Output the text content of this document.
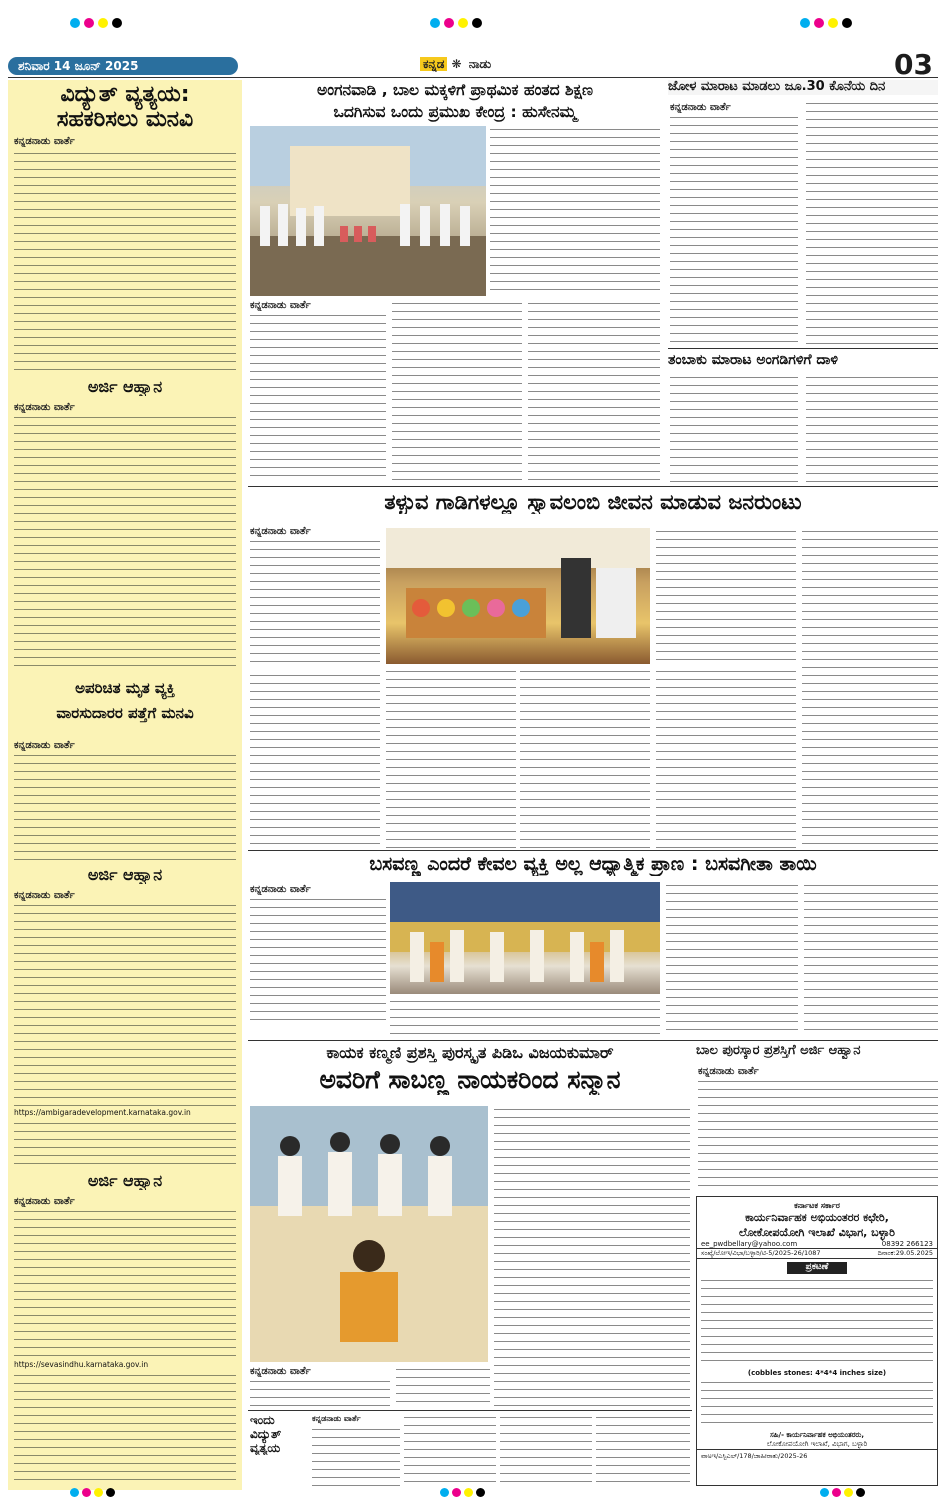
ಶನಿವಾರ 14 ಜೂನ್ 2025	ಕನ್ನಡ ❋ ನಾಡು	03
ವಿದ್ಯುತ್ ವ್ಯತ್ಯಯ:
ಸಹಕರಿಸಲು ಮನವಿ
ಕನ್ನಡನಾಡು ವಾರ್ತೆ
ಅರ್ಜಿ ಆಹ್ವಾನ
ಕನ್ನಡನಾಡು ವಾರ್ತೆ
ಅಪರಿಚಿತ ಮೃತ ವ್ಯಕ್ತಿ
ವಾರಸುದಾರರ ಪತ್ತೆಗೆ ಮನವಿ
ಕನ್ನಡನಾಡು ವಾರ್ತೆ
ಅರ್ಜಿ ಆಹ್ವಾನ
ಕನ್ನಡನಾಡು ವಾರ್ತೆ
https://ambigaradevelopment.karnataka.gov.in
ಅರ್ಜಿ ಆಹ್ವಾನ
ಕನ್ನಡನಾಡು ವಾರ್ತೆ
https://sevasindhu.karnataka.gov.in
ಅಂಗನವಾಡಿ , ಬಾಲ ಮಕ್ಕಳಿಗೆ ಪ್ರಾಥಮಿಕ ಹಂತದ ಶಿಕ್ಷಣ
ಒದಗಿಸುವ ಒಂದು ಪ್ರಮುಖ ಕೇಂದ್ರ : ಹುಸೇನಮ್ಮ
ಕನ್ನಡನಾಡು ವಾರ್ತೆ
ಜೋಳ ಮಾರಾಟ ಮಾಡಲು ಜೂ.30 ಕೊನೆಯ ದಿನ
ಕನ್ನಡನಾಡು ವಾರ್ತೆ
ತಂಬಾಕು ಮಾರಾಟ ಅಂಗಡಿಗಳಿಗೆ ದಾಳಿ
ತಳ್ಳುವ ಗಾಡಿಗಳಲ್ಲೂ ಸ್ವಾವಲಂಬಿ ಜೀವನ ಮಾಡುವ ಜನರುಂಟು
ಕನ್ನಡನಾಡು ವಾರ್ತೆ
ಬಸವಣ್ಣ ಎಂದರೆ ಕೇವಲ ವ್ಯಕ್ತಿ ಅಲ್ಲ ಆಧ್ಯಾತ್ಮಿಕ ಪ್ರಾಣ : ಬಸವಗೀತಾ ತಾಯಿ
ಕನ್ನಡನಾಡು ವಾರ್ತೆ
ಕಾಯಕ ಕಣ್ಮಣಿ ಪ್ರಶಸ್ತಿ ಪುರಸ್ಕೃತ ಪಿಡಿಒ ವಿಜಯಕುಮಾರ್
ಅವರಿಗೆ ಸಾಬಣ್ಣ ನಾಯಕರಿಂದ ಸನ್ಮಾನ
ಕನ್ನಡನಾಡು ವಾರ್ತೆ
ಬಾಲ ಪುರಸ್ಕಾರ ಪ್ರಶಸ್ತಿಗೆ ಅರ್ಜಿ ಆಹ್ವಾನ
ಕನ್ನಡನಾಡು ವಾರ್ತೆ
ಕರ್ನಾಟಕ ಸರ್ಕಾರ
ಕಾರ್ಯನಿರ್ವಾಹಕ ಅಭಿಯಂತರರ ಕಛೇರಿ,
ಲೋಕೋಪಯೋಗಿ ಇಲಾಖೆ ವಿಭಾಗ, ಬಳ್ಳಾರಿ
ee_pwdbellary@yahoo.com	08392 266123
ಸಂಖ್ಯೆ/ಲೋಇ/ವಿಭಾ/ಬಳ್ಳಾರಿ/ಟಿ-5/2025-26/1087	ದಿನಾಂಕ:29.05.2025
ಪ್ರಕಟಣೆ
(cobbles stones: 4*4*4 inches size)
ಸಹಿ/- ಕಾರ್ಯನಿರ್ವಾಹಕ ಅಭಿಯಂತರರು,
ಲೋಕೋಪಯೋಗಿ ಇಲಾಖೆ, ವಿಭಾಗ, ಬಳ್ಳಾರಿ
ವಾಅಇ/ಎಸ್ಬಿಎಲ್/178/ಜಾಹೀರಾತು/2025-26
ಇಂದು
ವಿದ್ಯುತ್
ವ್ಯತ್ಯಯ
ಕನ್ನಡನಾಡು ವಾರ್ತೆ
